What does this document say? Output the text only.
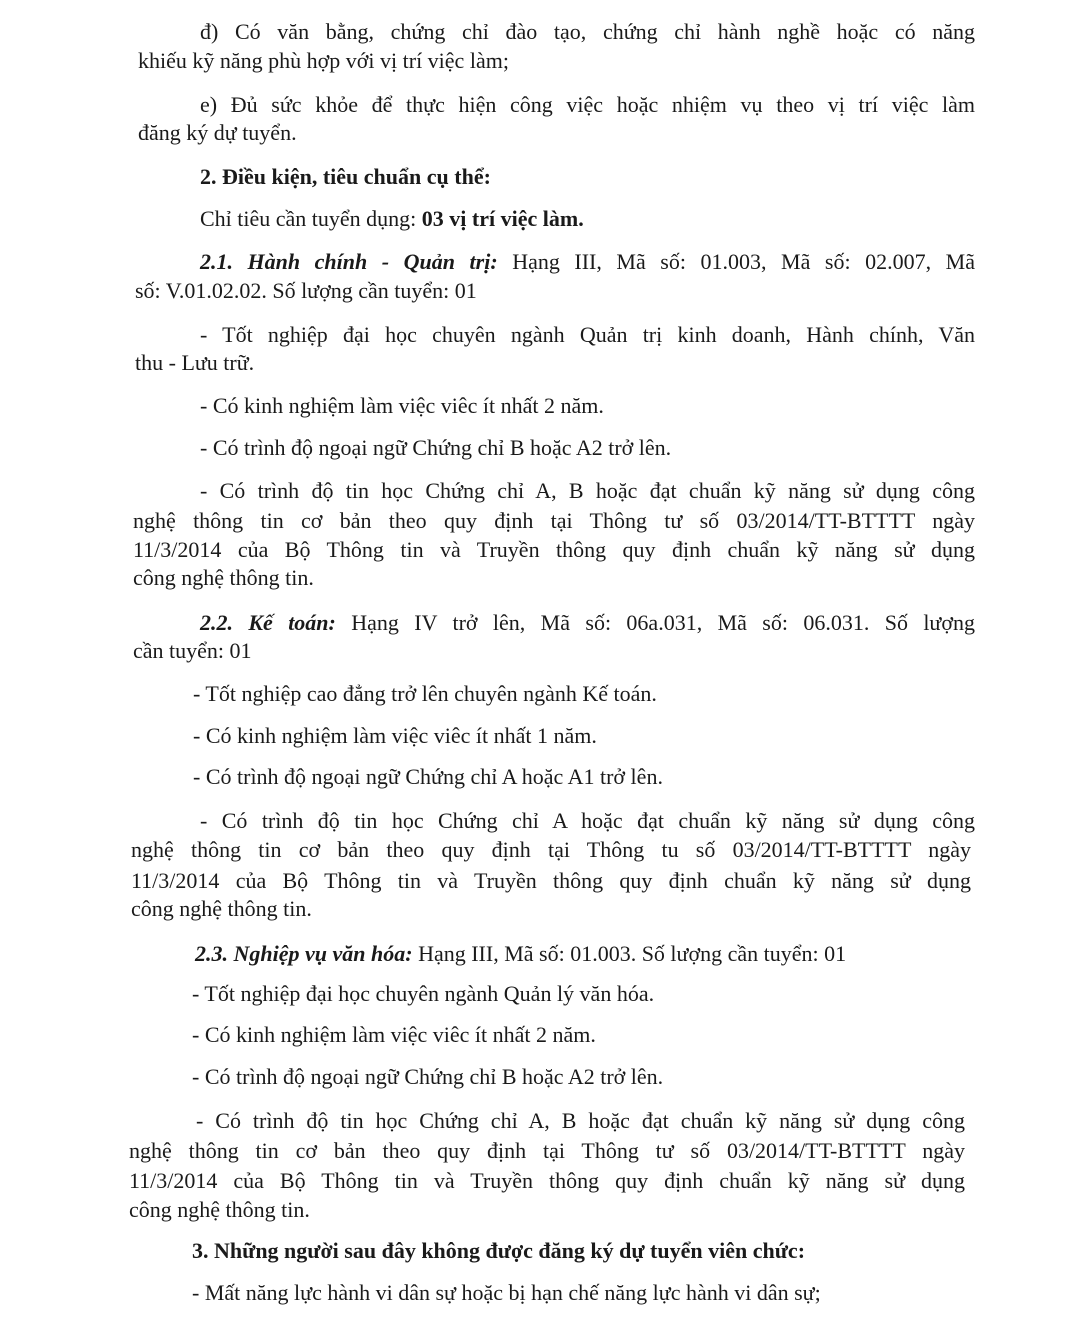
đ) Có văn bằng, chứng chỉ đào tạo, chứng chỉ hành nghề hoặc có năng
khiếu kỹ năng phù hợp với vị trí việc làm;
e) Đủ sức khỏe để thực hiện công việc hoặc nhiệm vụ theo vị trí việc làm
đăng ký dự tuyển.
2. Điều kiện, tiêu chuẩn cụ thể:
Chỉ tiêu cần tuyển dụng: 03 vị trí việc làm.
2.1. Hành chính - Quản trị: Hạng III, Mã số: 01.003, Mã số: 02.007, Mã
số: V.01.02.02. Số lượng cần tuyển: 01
- Tốt nghiệp đại học chuyên ngành Quản trị kinh doanh, Hành chính, Văn
thu - Lưu trữ.
- Có kinh nghiệm làm việc viêc ít nhất 2 năm.
- Có trình độ ngoại ngữ Chứng chỉ B hoặc A2 trở lên.
- Có trình độ tin học Chứng chỉ A, B hoặc đạt chuẩn kỹ năng sử dụng công
nghệ thông tin cơ bản theo quy định tại Thông tư số 03/2014/TT-BTTTT ngày
11/3/2014 của Bộ Thông tin và Truyền thông quy định chuẩn kỹ năng sử dụng
công nghệ thông tin.
2.2. Kế toán: Hạng IV trở lên, Mã số: 06a.031, Mã số: 06.031. Số lượng
cần tuyển: 01
- Tốt nghiệp cao đẳng trở lên chuyên ngành Kế toán.
- Có kinh nghiệm làm việc viêc ít nhất 1 năm.
- Có trình độ ngoại ngữ Chứng chỉ A hoặc A1 trở lên.
- Có trình độ tin học Chứng chỉ A hoặc đạt chuẩn kỹ năng sử dụng công
nghệ thông tin cơ bản theo quy định tại Thông tu số 03/2014/TT-BTTTT ngày
11/3/2014 của Bộ Thông tin và Truyền thông quy định chuẩn kỹ năng sử dụng
công nghệ thông tin.
2.3. Nghiệp vụ văn hóa: Hạng III, Mã số: 01.003. Số lượng cần tuyển: 01
- Tốt nghiệp đại học chuyên ngành Quản lý văn hóa.
- Có kinh nghiệm làm việc viêc ít nhất 2 năm.
- Có trình độ ngoại ngữ Chứng chỉ B hoặc A2 trở lên.
- Có trình độ tin học Chứng chỉ A, B hoặc đạt chuẩn kỹ năng sử dụng công
nghệ thông tin cơ bản theo quy định tại Thông tư số 03/2014/TT-BTTTT ngày
11/3/2014 của Bộ Thông tin và Truyền thông quy định chuẩn kỹ năng sử dụng
công nghệ thông tin.
3. Những người sau đây không được đăng ký dự tuyển viên chức:
- Mất năng lực hành vi dân sự hoặc bị hạn chế năng lực hành vi dân sự;
